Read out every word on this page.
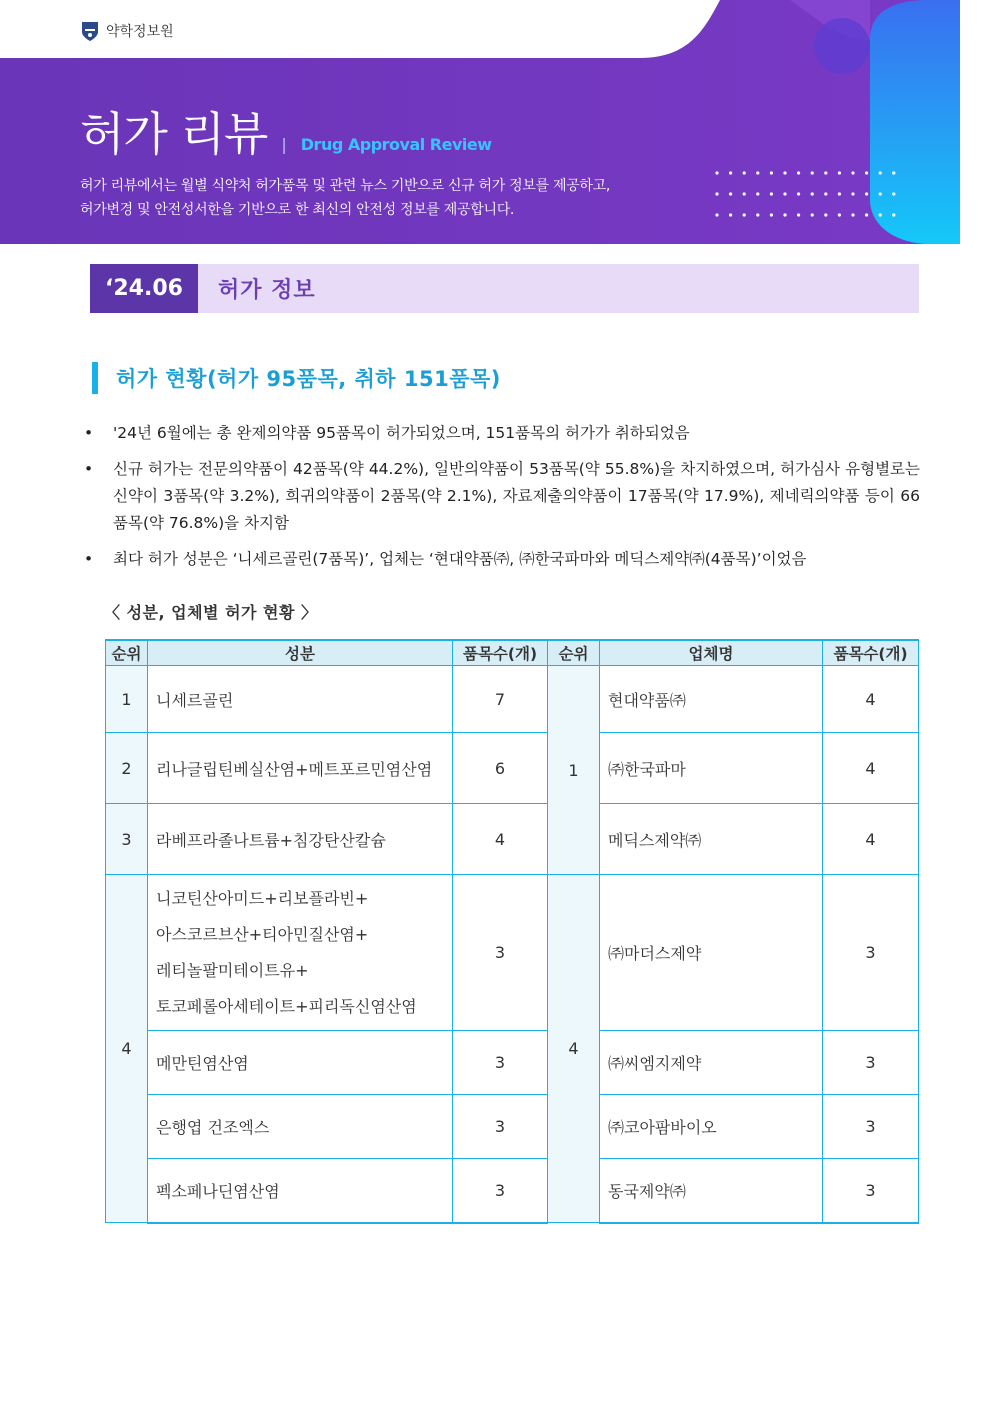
약학정보원
허가 리뷰 | Drug Approval Review
허가 리뷰에서는 월별 식약처 허가품목 및 관련 뉴스 기반으로 신규 허가 정보를 제공하고,
허가변경 및 안전성서한을 기반으로 한 최신의 안전성 정보를 제공합니다.
‘24.06	허가 정보
허가 현황(허가 95품목, 취하 151품목)
• '24년 6월에는 총 완제의약품 95품목이 허가되었으며, 151품목의 허가가 취하되었음
• 신규 허가는 전문의약품이 42품목(약 44.2%), 일반의약품이 53품목(약 55.8%)을 차지하였으며, 허가심사 유형별로는 신약이 3품목(약 3.2%), 희귀의약품이 2품목(약 2.1%), 자료제출의약품이 17품목(약 17.9%), 제네릭의약품 등이 66품목(약 76.8%)을 차지함
• 최다 허가 성분은 ‘니세르골린(7품목)’, 업체는 ‘현대약품㈜, ㈜한국파마와 메딕스제약㈜(4품목)’이었음
〈 성분, 업체별 허가 현황 〉
순위	성분	품목수(개)	순위	업체명	품목수(개)
1	니세르골린	7	1	현대약품㈜	4
2	리나글립틴베실산염+메트포르민염산염	6		㈜한국파마	4
3	라베프라졸나트륨+침강탄산칼슘	4		메딕스제약㈜	4
4	니코틴산아미드+리보플라빈+
아스코르브산+티아민질산염+
레티놀팔미테이트유+
토코페롤아세테이트+피리독신염산염	3	4	㈜마더스제약	3
	메만틴염산염	3		㈜씨엠지제약	3
	은행엽 건조엑스	3		㈜코아팜바이오	3
	펙소페나딘염산염	3		동국제약㈜	3
